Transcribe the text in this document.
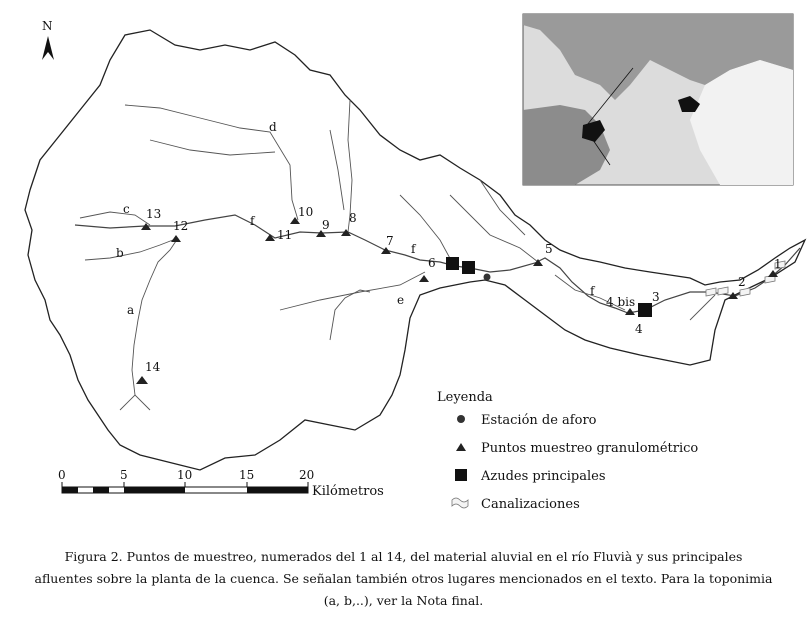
N
a
b
c
d
e
f
f
f
1
2
3
4
4 bis
5
6
7
8
9
10
11
12
13
14
Leyenda
Estación de aforo
Puntos muestreo granulométrico
Azudes principales
Canalizaciones
0	5	10	15	20
Kilómetros
Figura 2. Puntos de muestreo, numerados del 1 al 14, del material aluvial en el río Fluvià y sus principales
afluentes sobre la planta de la cuenca. Se señalan también otros lugares mencionados en el texto. Para la toponimia
(a, b,..), ver la Nota final.
